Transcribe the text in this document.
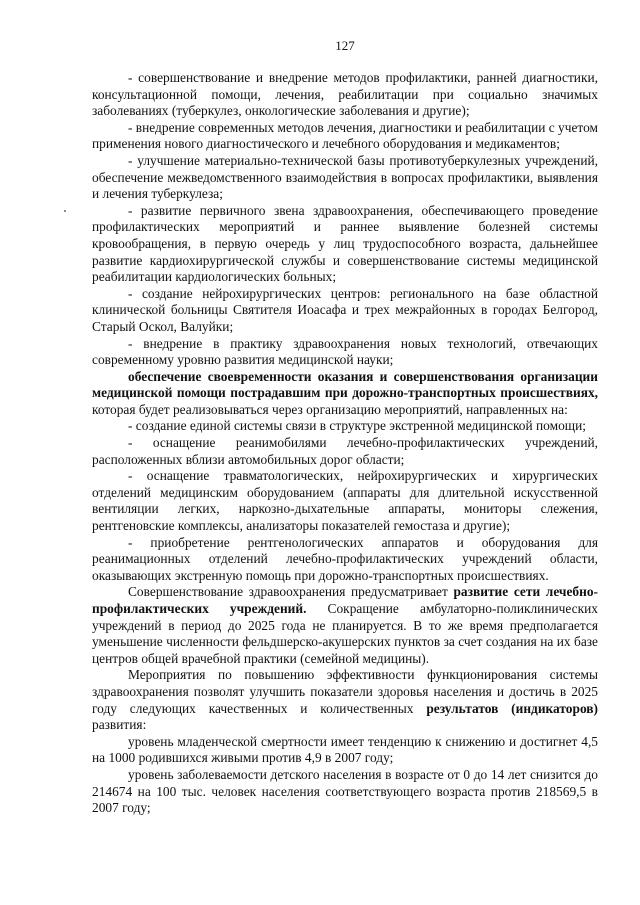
127

- совершенствование и внедрение методов профилактики, ранней диагностики, консультационной помощи, лечения, реабилитации при социально значимых заболеваниях (туберкулез, онкологические заболевания и другие);

- внедрение современных методов лечения, диагностики и реабилитации с учетом применения нового диагностического и лечебного оборудования и медикаментов;

- улучшение материально-технической базы противотуберкулезных учреждений, обеспечение межведомственного взаимодействия в вопросах профилактики, выявления и лечения туберкулеза;

- развитие первичного звена здравоохранения, обеспечивающего проведение профилактических мероприятий и раннее выявление болезней системы кровообращения, в первую очередь у лиц трудоспособного возраста, дальнейшее развитие кардиохирургической службы и совершенствование системы медицинской реабилитации кардиологических больных;

- создание нейрохирургических центров: регионального на базе областной клинической больницы Святителя Иоасафа и трех межрайонных в городах Белгород, Старый Оскол, Валуйки;

- внедрение в практику здравоохранения новых технологий, отвечающих современному уровню развития медицинской науки;

обеспечение своевременности оказания и совершенствования организации медицинской помощи пострадавшим при дорожно-транспортных происшествиях, которая будет реализовываться через организацию мероприятий, направленных на:

- создание единой системы связи в структуре экстренной медицинской помощи;

- оснащение реанимобилями лечебно-профилактических учреждений, расположенных вблизи автомобильных дорог области;

- оснащение травматологических, нейрохирургических и хирургических отделений медицинским оборудованием (аппараты для длительной искусственной вентиляции легких, наркозно-дыхательные аппараты, мониторы слежения, рентгеновские комплексы, анализаторы показателей гемостаза и другие);

- приобретение рентгенологических аппаратов и оборудования для реанимационных отделений лечебно-профилактических учреждений области, оказывающих экстренную помощь при дорожно-транспортных происшествиях.

Совершенствование здравоохранения предусматривает развитие сети лечебно-профилактических учреждений. Сокращение амбулаторно-поликлинических учреждений в период до 2025 года не планируется. В то же время предполагается уменьшение численности фельдшерско-акушерских пунктов за счет создания на их базе центров общей врачебной практики (семейной медицины).

Мероприятия по повышению эффективности функционирования системы здравоохранения позволят улучшить показатели здоровья населения и достичь в 2025 году следующих качественных и количественных результатов (индикаторов) развития:

уровень младенческой смертности имеет тенденцию к снижению и достигнет 4,5 на 1000 родившихся живыми против 4,9 в 2007 году;

уровень заболеваемости детского населения в возрасте от 0 до 14 лет снизится до 214674 на 100 тыс. человек населения соответствующего возраста против 218569,5 в 2007 году;
